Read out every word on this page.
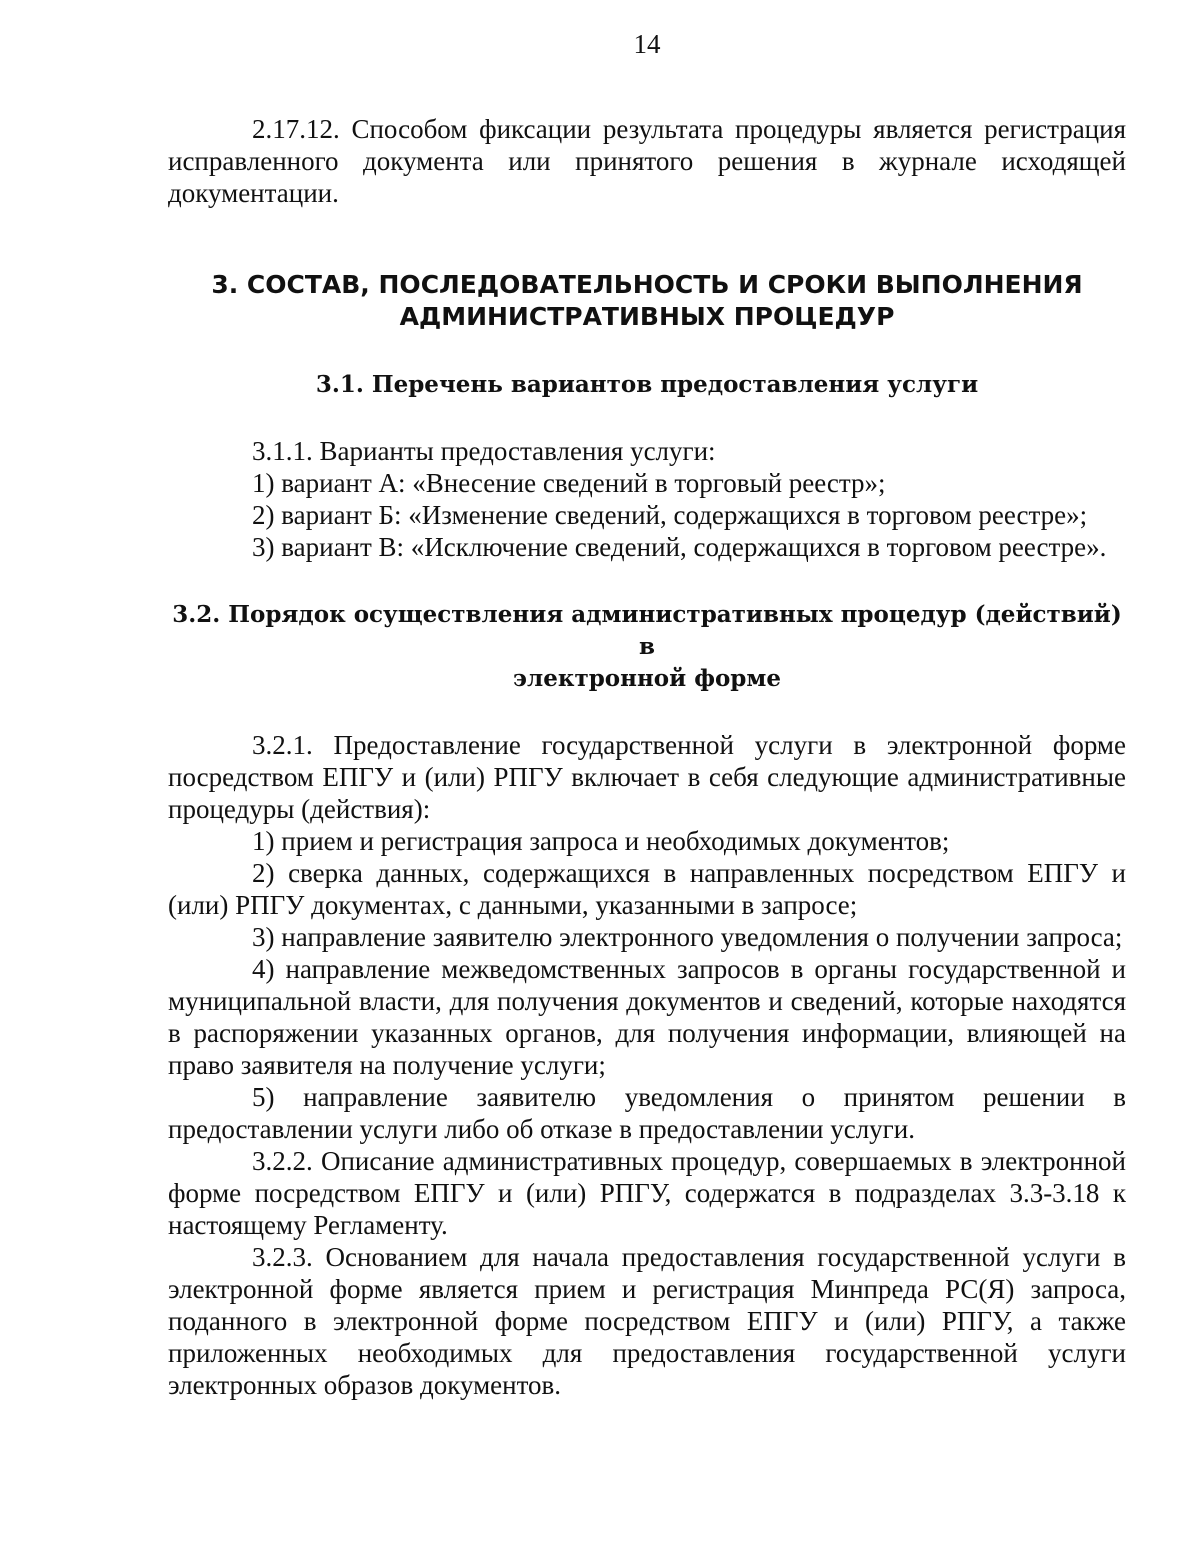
14

2.17.12. Способом фиксации результата процедуры является регистрация исправленного документа или принятого решения в журнале исходящей документации.

3. СОСТАВ, ПОСЛЕДОВАТЕЛЬНОСТЬ И СРОКИ ВЫПОЛНЕНИЯ
АДМИНИСТРАТИВНЫХ ПРОЦЕДУР
3.1. Перечень вариантов предоставления услуги
3.1.1. Варианты предоставления услуги:
1) вариант А: «Внесение сведений в торговый реестр»;
2) вариант Б: «Изменение сведений, содержащихся в торговом реестре»;
3) вариант В: «Исключение сведений, содержащихся в торговом реестре».
3.2. Порядок осуществления административных процедур (действий) в
электронной форме

3.2.1. Предоставление государственной услуги в электронной форме посредством ЕПГУ и (или) РПГУ включает в себя следующие административные процедуры (действия):

1) прием и регистрация запроса и необходимых документов;

2) сверка данных, содержащихся в направленных посредством ЕПГУ и (или) РПГУ документах, с данными, указанными в запросе;

3) направление заявителю электронного уведомления о получении запроса;

4) направление межведомственных запросов в органы государственной и муниципальной власти, для получения документов и сведений, которые находятся в распоряжении указанных органов, для получения информации, влияющей на право заявителя на получение услуги;

5) направление заявителю уведомления о принятом решении в предоставлении услуги либо об отказе в предоставлении услуги.

3.2.2. Описание административных процедур, совершаемых в электронной форме посредством ЕПГУ и (или) РПГУ, содержатся в подразделах 3.3-3.18 к настоящему Регламенту.

3.2.3. Основанием для начала предоставления государственной услуги в электронной форме является прием и регистрация Минпреда РС(Я) запроса, поданного в электронной форме посредством ЕПГУ и (или) РПГУ, а также приложенных необходимых для предоставления государственной услуги электронных образов документов.
